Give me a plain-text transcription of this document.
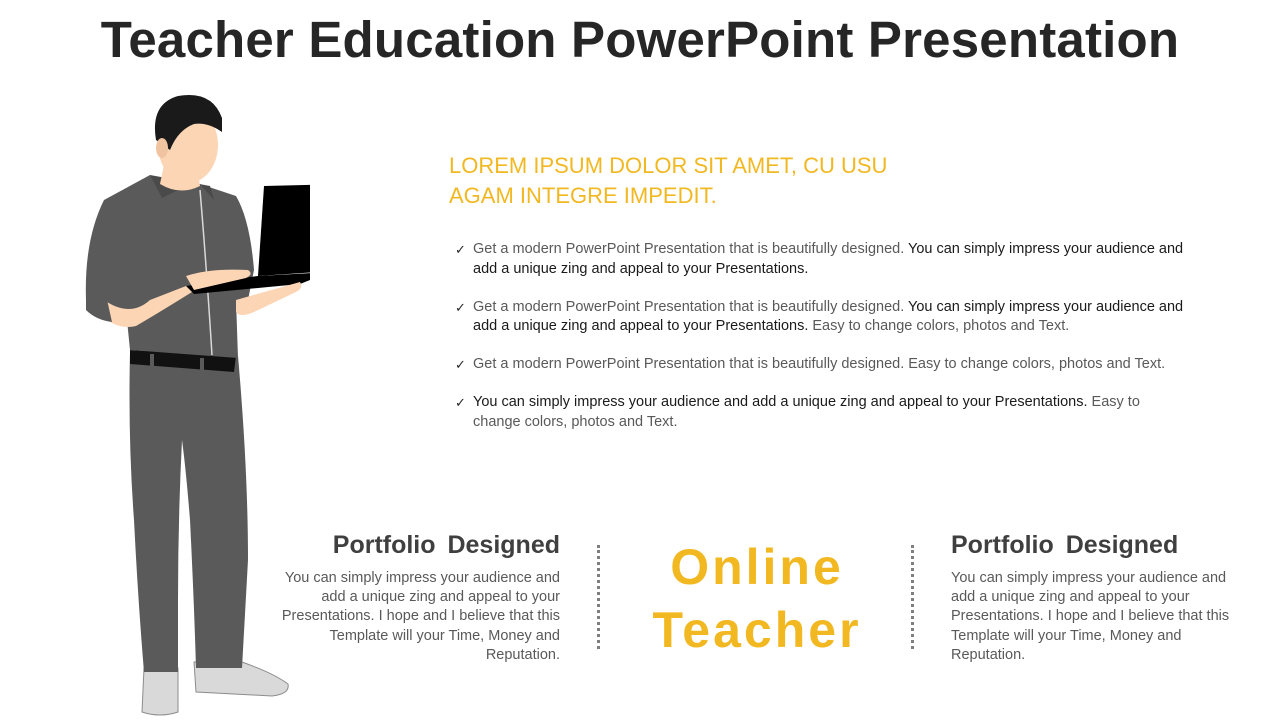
Teacher Education PowerPoint Presentation
LOREM IPSUM DOLOR SIT AMET, CU USU
AGAM INTEGRE IMPEDIT.
✓ Get a modern PowerPoint Presentation that is beautifully designed. You can simply impress your audience and add a unique zing and appeal to your Presentations.
✓ Get a modern PowerPoint Presentation that is beautifully designed. You can simply impress your audience and add a unique zing and appeal to your Presentations. Easy to change colors, photos and Text.
✓ Get a modern PowerPoint Presentation that is beautifully designed. Easy to change colors, photos and Text.
✓ You can simply impress your audience and add a unique zing and appeal to your Presentations. Easy to change colors, photos and Text.
Portfolio Designed
You can simply impress your audience and add a unique zing and appeal to your Presentations. I hope and I believe that this Template will your Time, Money and Reputation.
Online
Teacher
Portfolio Designed
You can simply impress your audience and add a unique zing and appeal to your Presentations. I hope and I believe that this Template will your Time, Money and Reputation.
